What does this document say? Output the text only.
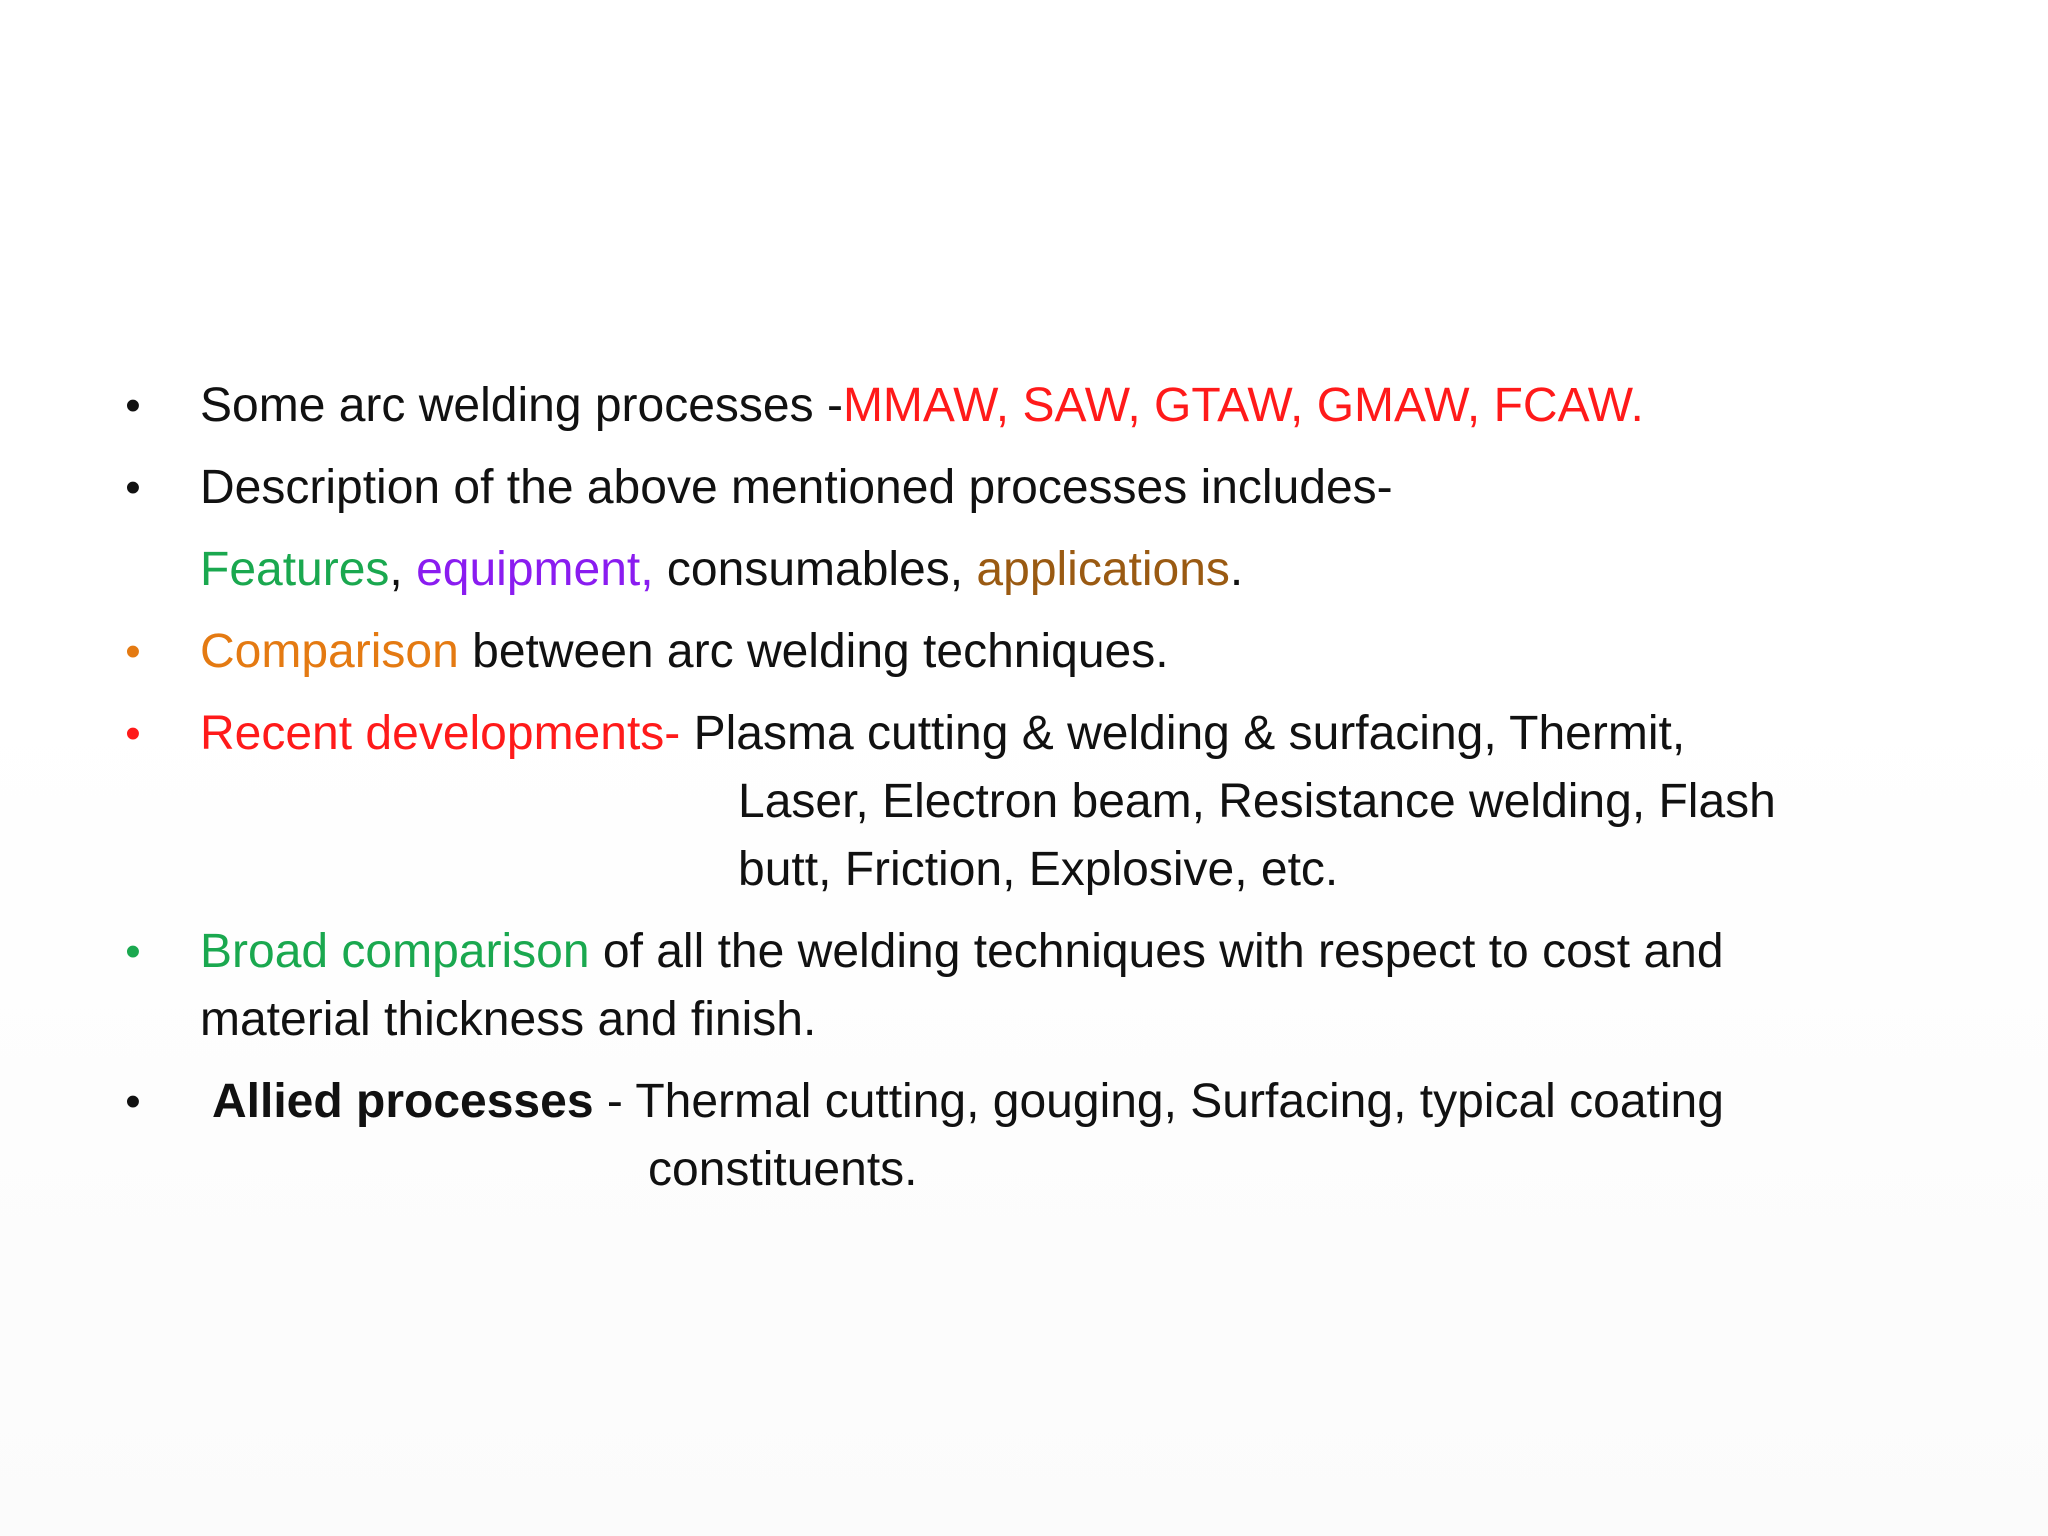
• Some arc welding processes -MMAW, SAW, GTAW, GMAW, FCAW.
• Description of the above mentioned processes includes-
Features, equipment, consumables, applications.
• Comparison between arc welding techniques.
• Recent developments- Plasma cutting & welding & surfacing, Thermit,
Laser, Electron beam, Resistance welding, Flash
butt, Friction, Explosive, etc.
• Broad comparison of all the welding techniques with respect to cost and
material thickness and finish.
• Allied processes - Thermal cutting, gouging, Surfacing, typical coating
constituents.
